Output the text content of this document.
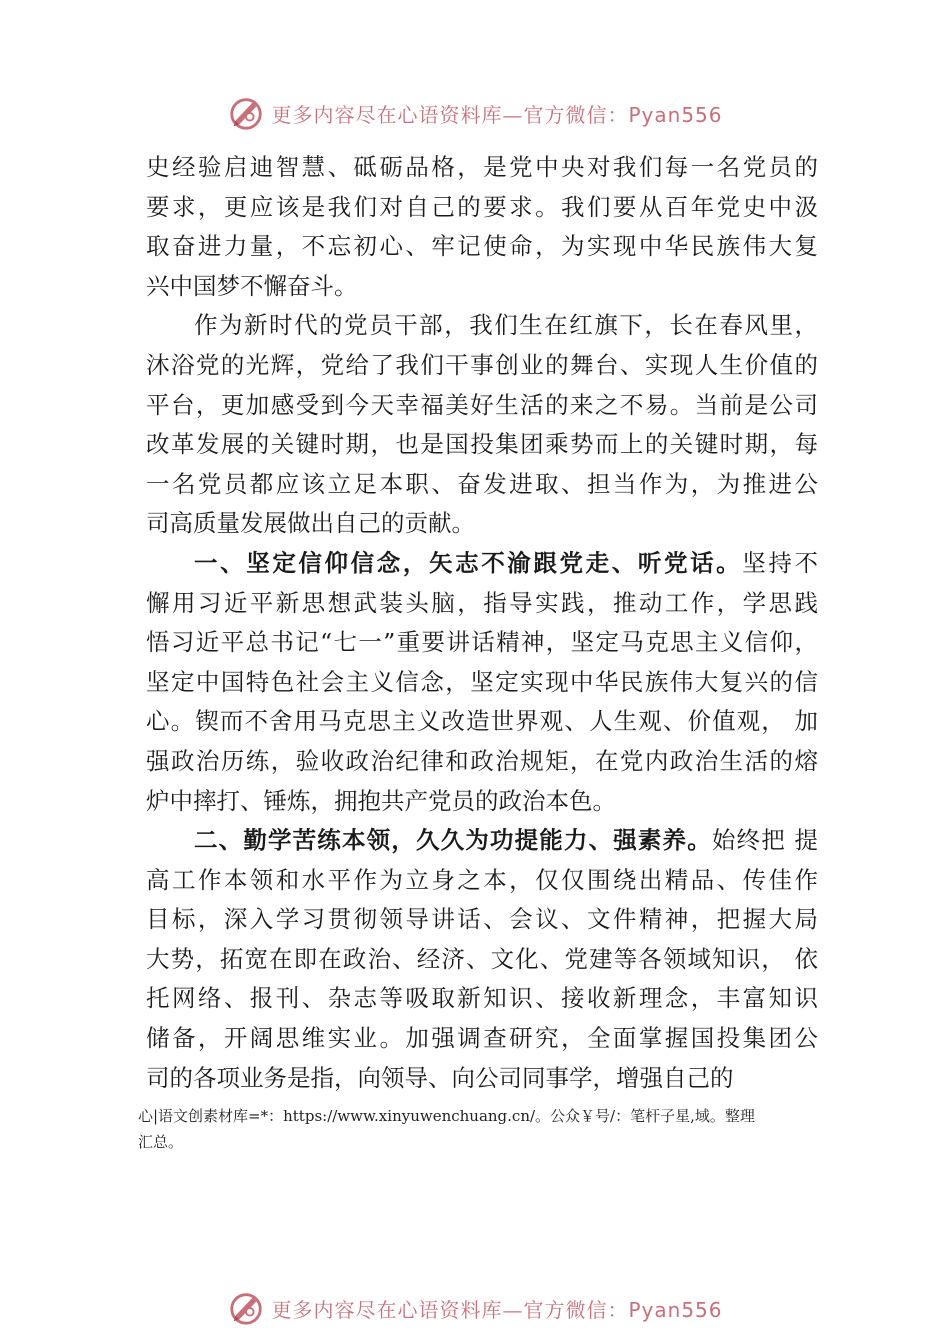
更多内容尽在心语资料库—官方微信：Pyan556
史经验启迪智慧、砥砺品格，是党中央对我们每一名党员的
要求，更应该是我们对自己的要求。我们要从百年党史中汲
取奋进力量，不忘初心、牢记使命，为实现中华民族伟大复
兴中国梦不懈奋斗。
作为新时代的党员干部，我们生在红旗下，长在春风里，
沐浴党的光辉，党给了我们干事创业的舞台、实现人生价值的
平台，更加感受到今天幸福美好生活的来之不易。当前是公司
改革发展的关键时期，也是国投集团乘势而上的关键时期，每
一名党员都应该立足本职、奋发进取、担当作为，为推进公
司高质量发展做出自己的贡献。
一、坚定信仰信念，矢志不渝跟党走、听党话。坚持不
懈用习近平新思想武装头脑，指导实践，推动工作，学思践
悟习近平总书记“七一”重要讲话精神，坚定马克思主义信仰，
坚定中国特色社会主义信念，坚定实现中华民族伟大复兴的信
心。锲而不舍用马克思主义改造世界观、人生观、价值观， 加
强政治历练，验收政治纪律和政治规矩，在党内政治生活的熔
炉中摔打、锤炼，拥抱共产党员的政治本色。
二、勤学苦练本领，久久为功提能力、强素养。始终把 提
高工作本领和水平作为立身之本，仅仅围绕出精品、传佳作
目标，深入学习贯彻领导讲话、会议、文件精神，把握大局
大势，拓宽在即在政治、经济、文化、党建等各领域知识， 依
托网络、报刊、杂志等吸取新知识、接收新理念，丰富知识
储备，开阔思维实业。加强调查研究，全面掌握国投集团公
司的各项业务是指，向领导、向公司同事学，增强自己的
心|语文创素材库=*：https://www.xinyuwenchuang.cn/。公众￥号/：笔杆子星,域。整理
汇总。
更多内容尽在心语资料库—官方微信：Pyan556
